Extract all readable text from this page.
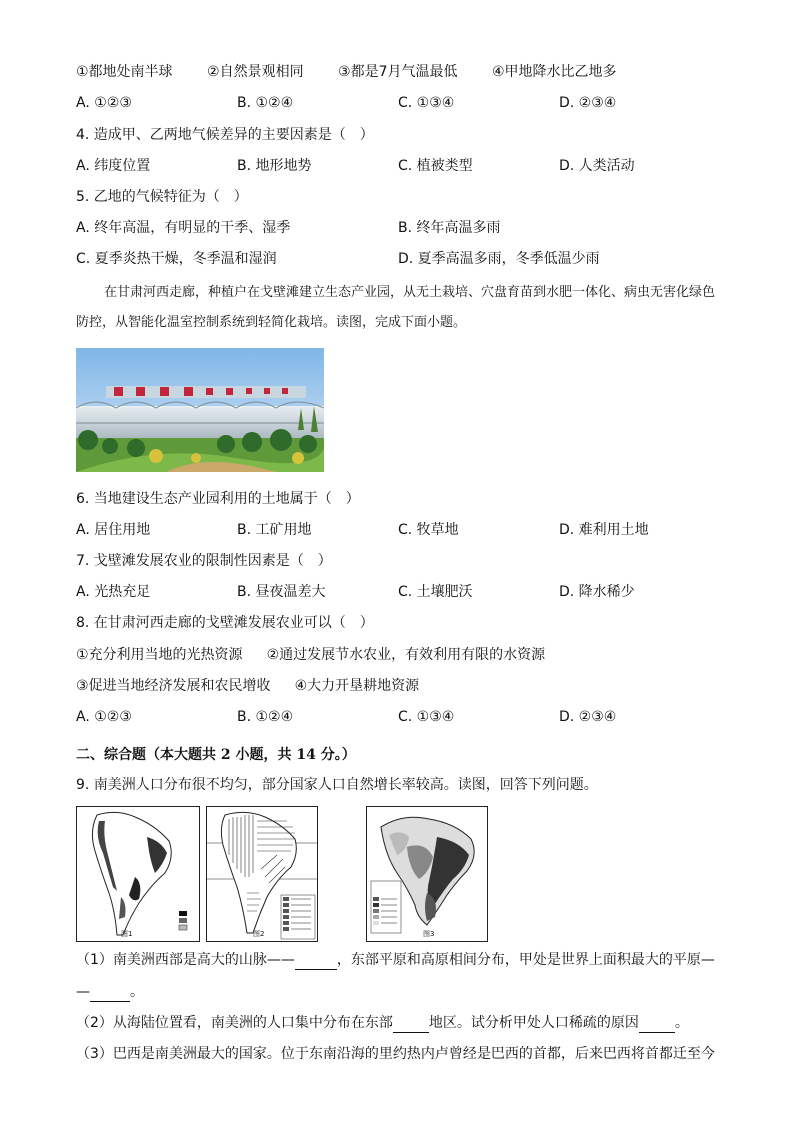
①都地处南半球 ②自然景观相同 ③都是7月气温最低 ④甲地降水比乙地多
A. ①②③	B. ①②④	C. ①③④	D. ②③④
4. 造成甲、乙两地气候差异的主要因素是（　）
A. 纬度位置	B. 地形地势	C. 植被类型	D. 人类活动
5. 乙地的气候特征为（　）
A. 终年高温，有明显的干季、湿季	B. 终年高温多雨
C. 夏季炎热干燥，冬季温和湿润	D. 夏季高温多雨，冬季低温少雨
在甘肃河西走廊，种植户在戈壁滩建立生态产业园，从无土栽培、穴盘育苗到水肥一体化、病虫无害化绿色防控，从智能化温室控制系统到轻简化栽培。读图，完成下面小题。
6. 当地建设生态产业园利用的土地属于（　）
A. 居住用地	B. 工矿用地	C. 牧草地	D. 难利用土地
7. 戈壁滩发展农业的限制性因素是（　）
A. 光热充足	B. 昼夜温差大	C. 土壤肥沃	D. 降水稀少
8. 在甘肃河西走廊的戈壁滩发展农业可以（　）
①充分利用当地的光热资源 ②通过发展节水农业，有效利用有限的水资源
③促进当地经济发展和农民增收 ④大力开垦耕地资源
A. ①②③	B. ①②④	C. ①③④	D. ②③④
二、综合题（本大题共 2 小题，共 14 分。）
9. 南美洲人口分布很不均匀，部分国家人口自然增长率较高。读图，回答下列问题。
图1	图2	图3
（1）南美洲西部是高大的山脉——	，东部平原和高原相间分布，甲处是世界上面积最大的平原—
—	。
（2）从海陆位置看，南美洲的人口集中分布在东部	地区。试分析甲处人口稀疏的原因	。
（3）巴西是南美洲最大的国家。位于东南沿海的里约热内卢曾经是巴西的首都，后来巴西将首都迁至今
